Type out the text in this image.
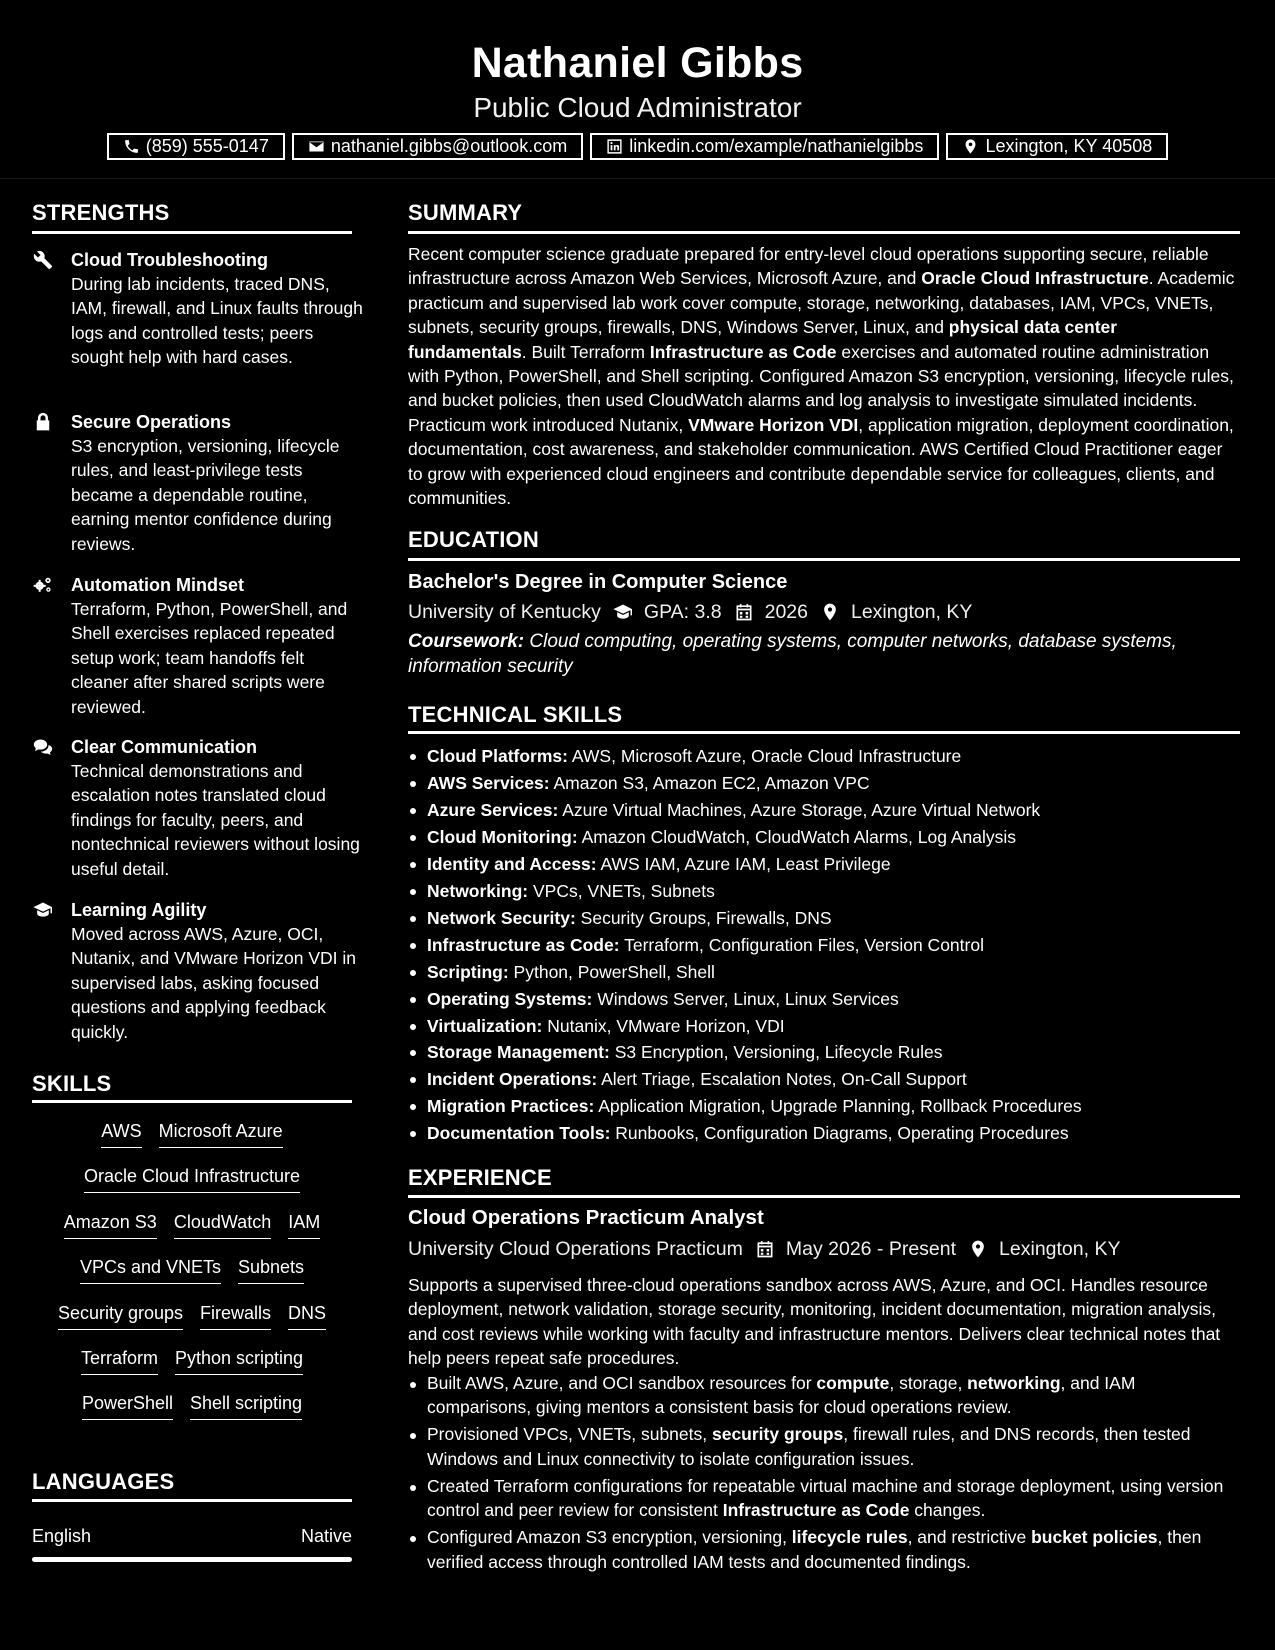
Nathaniel Gibbs
Public Cloud Administrator
(859) 555-0147	nathaniel.gibbs@outlook.com	linkedin.com/example/nathanielgibbs	Lexington, KY 40508
STRENGTHS
Cloud Troubleshooting
During lab incidents, traced DNS, IAM, firewall, and Linux faults through logs and controlled tests; peers sought help with hard cases.
Secure Operations
S3 encryption, versioning, lifecycle rules, and least-privilege tests became a dependable routine, earning mentor confidence during reviews.
Automation Mindset
Terraform, Python, PowerShell, and Shell exercises replaced repeated setup work; team handoffs felt cleaner after shared scripts were reviewed.
Clear Communication
Technical demonstrations and escalation notes translated cloud findings for faculty, peers, and nontechnical reviewers without losing useful detail.
Learning Agility
Moved across AWS, Azure, OCI, Nutanix, and VMware Horizon VDI in supervised labs, asking focused questions and applying feedback quickly.
SKILLS
AWS Microsoft Azure
Oracle Cloud Infrastructure
Amazon S3 CloudWatch IAM
VPCs and VNETs Subnets
Security groups Firewalls DNS
Terraform Python scripting
PowerShell Shell scripting
LANGUAGES
English	Native
SUMMARY
Recent computer science graduate prepared for entry-level cloud operations supporting secure, reliable infrastructure across Amazon Web Services, Microsoft Azure, and Oracle Cloud Infrastructure. Academic practicum and supervised lab work cover compute, storage, networking, databases, IAM, VPCs, VNETs, subnets, security groups, firewalls, DNS, Windows Server, Linux, and physical data center fundamentals. Built Terraform Infrastructure as Code exercises and automated routine administration with Python, PowerShell, and Shell scripting. Configured Amazon S3 encryption, versioning, lifecycle rules, and bucket policies, then used CloudWatch alarms and log analysis to investigate simulated incidents. Practicum work introduced Nutanix, VMware Horizon VDI, application migration, deployment coordination, documentation, cost awareness, and stakeholder communication. AWS Certified Cloud Practitioner eager to grow with experienced cloud engineers and contribute dependable service for colleagues, clients, and communities.
EDUCATION
Bachelor's Degree in Computer Science
University of Kentucky GPA: 3.8 2026 Lexington, KY
Coursework: Cloud computing, operating systems, computer networks, database systems, information security
TECHNICAL SKILLS
Cloud Platforms: AWS, Microsoft Azure, Oracle Cloud Infrastructure
AWS Services: Amazon S3, Amazon EC2, Amazon VPC
Azure Services: Azure Virtual Machines, Azure Storage, Azure Virtual Network
Cloud Monitoring: Amazon CloudWatch, CloudWatch Alarms, Log Analysis
Identity and Access: AWS IAM, Azure IAM, Least Privilege
Networking: VPCs, VNETs, Subnets
Network Security: Security Groups, Firewalls, DNS
Infrastructure as Code: Terraform, Configuration Files, Version Control
Scripting: Python, PowerShell, Shell
Operating Systems: Windows Server, Linux, Linux Services
Virtualization: Nutanix, VMware Horizon, VDI
Storage Management: S3 Encryption, Versioning, Lifecycle Rules
Incident Operations: Alert Triage, Escalation Notes, On-Call Support
Migration Practices: Application Migration, Upgrade Planning, Rollback Procedures
Documentation Tools: Runbooks, Configuration Diagrams, Operating Procedures
EXPERIENCE
Cloud Operations Practicum Analyst
University Cloud Operations Practicum May 2026 - Present Lexington, KY
Supports a supervised three-cloud operations sandbox across AWS, Azure, and OCI. Handles resource deployment, network validation, storage security, monitoring, incident documentation, migration analysis, and cost reviews while working with faculty and infrastructure mentors. Delivers clear technical notes that help peers repeat safe procedures.
Built AWS, Azure, and OCI sandbox resources for compute, storage, networking, and IAM comparisons, giving mentors a consistent basis for cloud operations review.
Provisioned VPCs, VNETs, subnets, security groups, firewall rules, and DNS records, then tested Windows and Linux connectivity to isolate configuration issues.
Created Terraform configurations for repeatable virtual machine and storage deployment, using version control and peer review for consistent Infrastructure as Code changes.
Configured Amazon S3 encryption, versioning, lifecycle rules, and restrictive bucket policies, then verified access through controlled IAM tests and documented findings.
